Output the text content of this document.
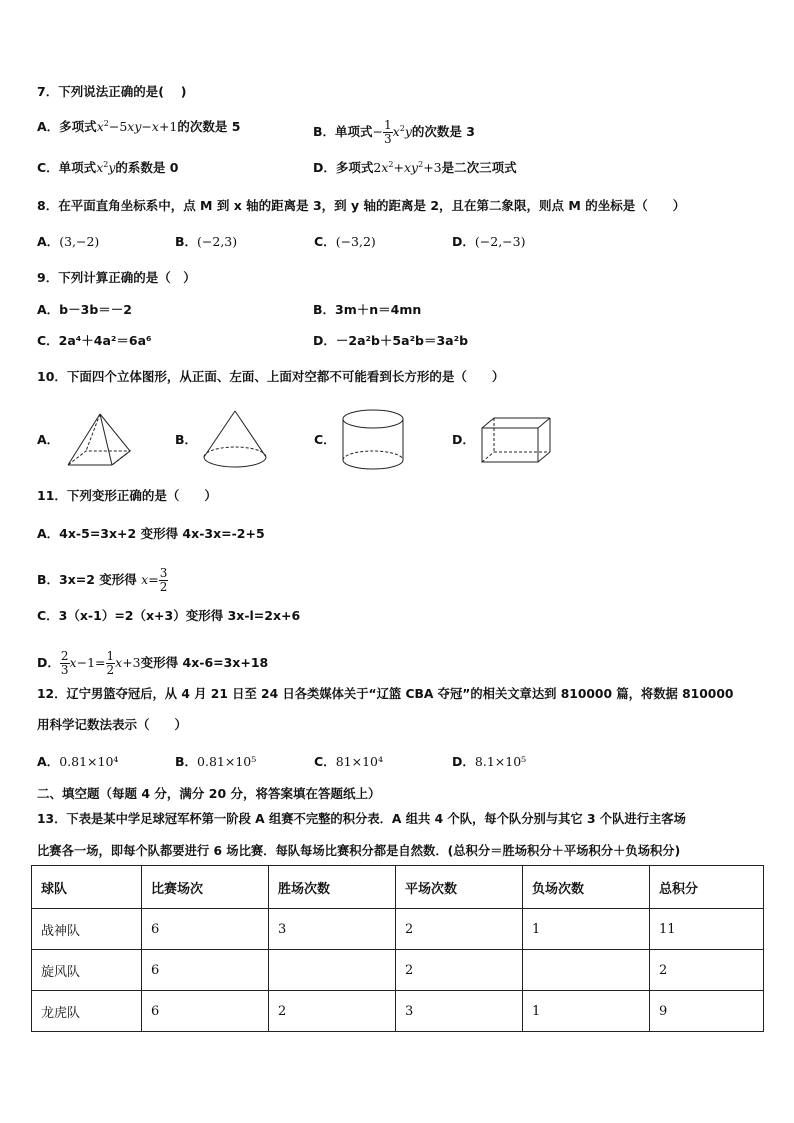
7．下列说法正确的是(　 )
A．多项式$x^2-5xy-x+1$的次数是 5	B．单项式− $\frac{1}{3} x^2y$的次数是 3
C．单项式$x^2y$的系数是 0	D．多项式$2x^2+xy^2+3$是二次三项式
8．在平面直角坐标系中，点 M 到 x 轴的距离是 3，到 y 轴的距离是 2，且在第二象限，则点 M 的坐标是（　　）
A．(3,−2)	B．(−2,3)	C．(−3,2)	D．(−2,−3)
9．下列计算正确的是（　）
A．b－3b＝－2	B．3m＋n＝4mn
C．2a⁴＋4a²＝6a⁶	D．－2a²b＋5a²b＝3a²b
10．下面四个立体图形，从正面、左面、上面对空都不可能看到长方形的是（　　）
A．	B．	C．	D．
11．下列变形正确的是（　　）
A．4x-5=3x+2 变形得 4x-3x=-2+5
B．3x=2 变形得 $x= \frac{3}{2}$
C．3（x-1）=2（x+3）变形得 3x-l=2x+6
D． $\frac{2}{3} x-1= \frac{1}{2} x+3$变形得 4x-6=3x+18
12．辽宁男篮夺冠后，从 4 月 21 日至 24 日各类媒体关于“辽篮 CBA 夺冠”的相关文章达到 810000 篇，将数据 810000
用科学记数法表示（　　）
A．0.81×10⁴	B．0.81×10⁵	C．81×10⁴	D．8.1×10⁵
二、填空题（每题 4 分，满分 20 分，将答案填在答题纸上）
13．下表是某中学足球冠军杯第一阶段 A 组赛不完整的积分表．A 组共 4 个队，每个队分别与其它 3 个队进行主客场
比赛各一场，即每个队都要进行 6 场比赛．每队每场比赛积分都是自然数．(总积分＝胜场积分＋平场积分＋负场积分)
球队	比赛场次	胜场次数	平场次数	负场次数	总积分
战神队	6	3	2	1	11
旋风队	6		2		2
龙虎队	6	2	3	1	9
